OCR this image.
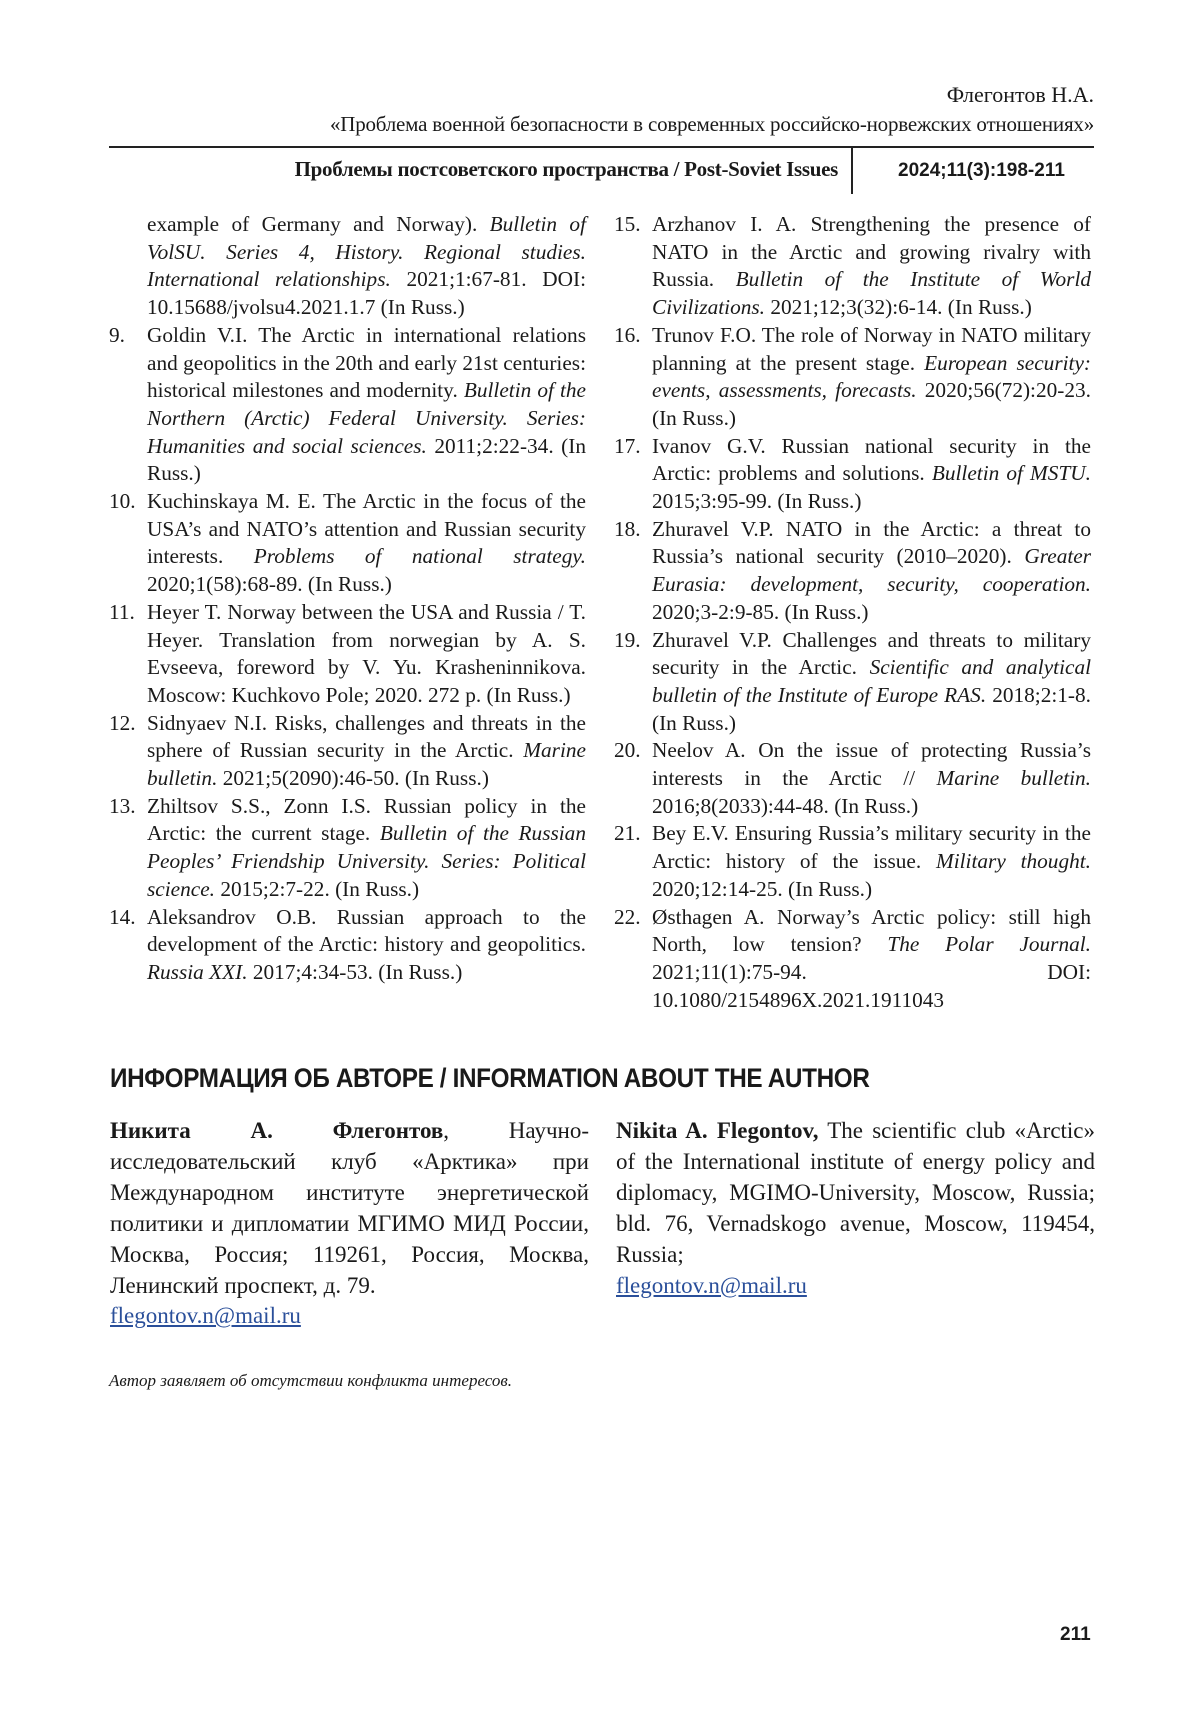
Флегонтов Н.А.
«Проблема военной безопасности в современных российско-норвежских отношениях»
Проблемы постсоветского пространства / Post-Soviet Issues	2024;11(3):198-211
example of Germany and Norway). Bulletin of VolSU. Series 4, History. Regional studies. International relationships. 2021;1:67-81. DOI: 10.15688/jvolsu4.2021.1.7 (In Russ.)
9. Goldin V.I. The Arctic in international relations and geopolitics in the 20th and early 21st centuries: historical milestones and modernity. Bulletin of the Northern (Arctic) Federal University. Series: Humanities and social sciences. 2011;2:22-34. (In Russ.)
10. Kuchinskaya M. E. The Arctic in the focus of the USA’s and NATO’s attention and Russian security interests. Problems of national strategy. 2020;1(58):68-89. (In Russ.)
11. Heyer T. Norway between the USA and Russia / T. Heyer. Translation from norwegian by A. S. Evseeva, foreword by V. Yu. Krasheninnikova. Moscow: Kuchkovo Pole; 2020. 272 p. (In Russ.)
12. Sidnyaev N.I. Risks, challenges and threats in the sphere of Russian security in the Arctic. Marine bulletin. 2021;5(2090):46-50. (In Russ.)
13. Zhiltsov S.S., Zonn I.S. Russian policy in the Arctic: the current stage. Bulletin of the Russian Peoples’ Friendship University. Series: Political science. 2015;2:7-22. (In Russ.)
14. Aleksandrov O.B. Russian approach to the development of the Arctic: history and geopolitics. Russia XXI. 2017;4:34-53. (In Russ.)
15. Arzhanov I. A. Strengthening the presence of NATO in the Arctic and growing rivalry with Russia. Bulletin of the Institute of World Civilizations. 2021;12;3(32):6-14. (In Russ.)
16. Trunov F.O. The role of Norway in NATO military planning at the present stage. European security: events, assessments, forecasts. 2020;56(72):20-23. (In Russ.)
17. Ivanov G.V. Russian national security in the Arctic: problems and solutions. Bulletin of MSTU. 2015;3:95-99. (In Russ.)
18. Zhuravel V.P. NATO in the Arctic: a threat to Russia’s national security (2010–2020). Greater Eurasia: development, security, cooperation. 2020;3-2:9-85. (In Russ.)
19. Zhuravel V.P. Challenges and threats to military security in the Arctic. Scientific and analytical bulletin of the Institute of Europe RAS. 2018;2:1-8. (In Russ.)
20. Neelov A. On the issue of protecting Russia’s interests in the Arctic // Marine bulletin. 2016;8(2033):44-48. (In Russ.)
21. Bey E.V. Ensuring Russia’s military security in the Arctic: history of the issue. Military thought. 2020;12:14-25. (In Russ.)
22. Østhagen A. Norway’s Arctic policy: still high North, low tension? The Polar Journal. 2021;11(1):75-94. DOI: 10.1080/2154896X.2021.1911043
ИНФОРМАЦИЯ ОБ АВТОРЕ / INFORMATION ABOUT THE AUTHOR
Никита А. Флегонтов, Научно-исследовательский клуб «Арктика» при Международном институте энергетической политики и дипломатии МГИМО МИД России, Москва, Россия; 119261, Россия, Москва, Ленинский проспект, д. 79.
flegontov.n@mail.ru
Nikita A. Flegontov, The scientific club «Arctic» of the International institute of energy policy and diplomacy, MGIMO-University, Moscow, Russia; bld. 76, Vernadskogo avenue, Moscow, 119454, Russia;
flegontov.n@mail.ru
Автор заявляет об отсутствии конфликта интересов.
211
